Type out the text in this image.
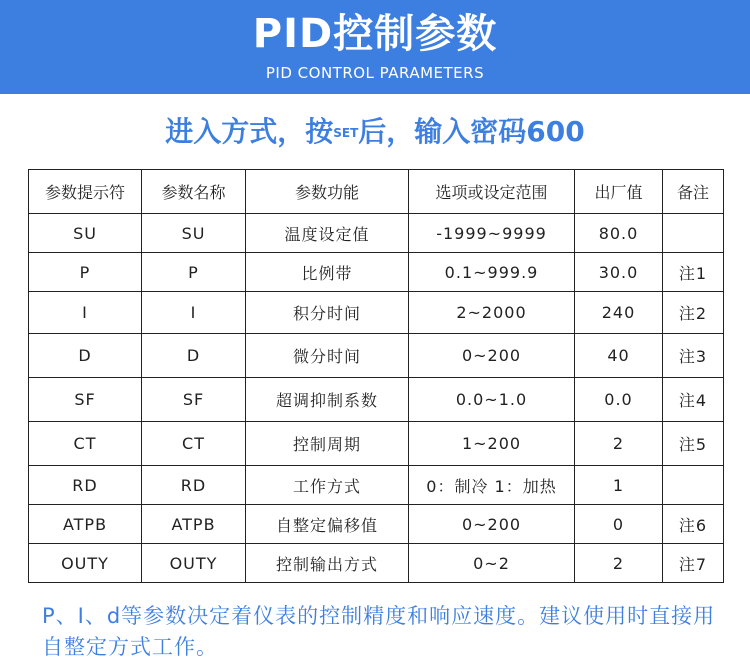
PID控制参数
PID CONTROL PARAMETERS
进入方式，按SET后，输入密码600
参数提示符	参数名称	参数功能	选项或设定范围	出厂值	备注
SU	SU	温度设定值	-1999~9999	80.0	
P	P	比例带	0.1~999.9	30.0	注1
I	I	积分时间	2~2000	240	注2
D	D	微分时间	0~200	40	注3
SF	SF	超调抑制系数	0.0~1.0	0.0	注4
CT	CT	控制周期	1~200	2	注5
RD	RD	工作方式	0：制冷 1：加热	1	
ATPB	ATPB	自整定偏移值	0~200	0	注6
OUTY	OUTY	控制输出方式	0~2	2	注7
P、I、d等参数决定着仪表的控制精度和响应速度。建议使用时直接用自整定方式工作。
